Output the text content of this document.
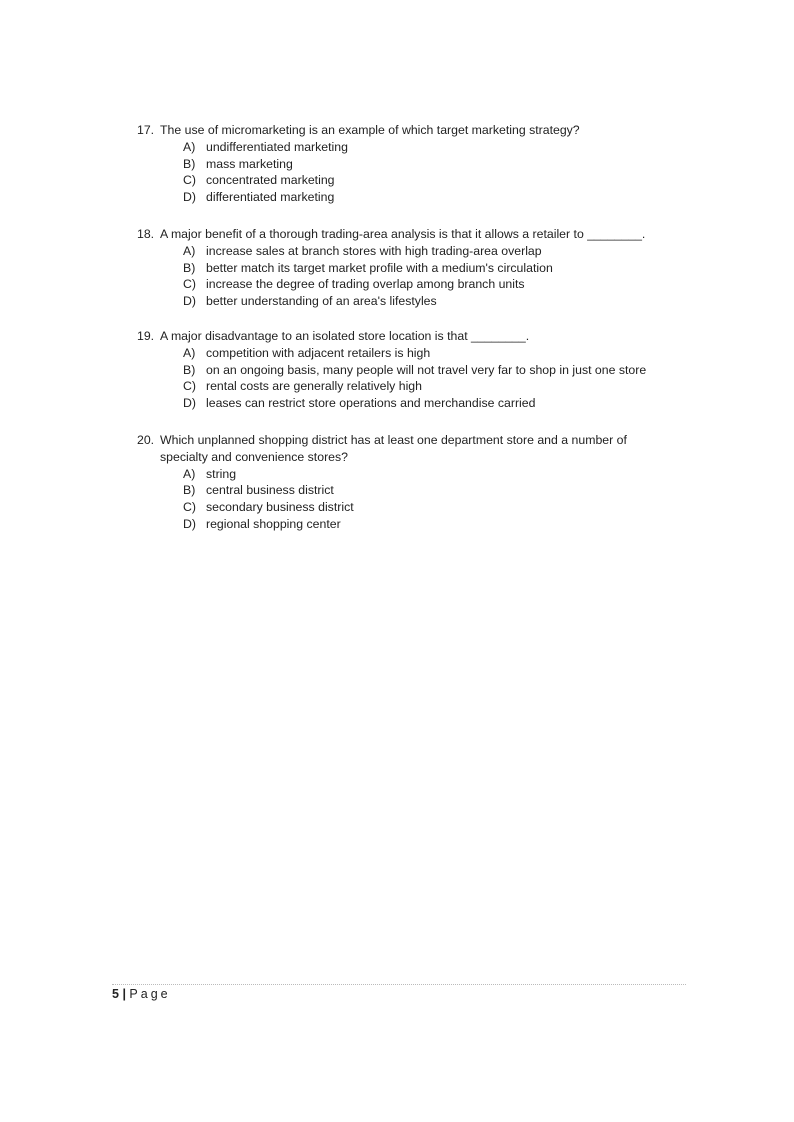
17. The use of micromarketing is an example of which target marketing strategy?
A) undifferentiated marketing
B) mass marketing
C) concentrated marketing
D) differentiated marketing
18. A major benefit of a thorough trading-area analysis is that it allows a retailer to ________.
A) increase sales at branch stores with high trading-area overlap
B) better match its target market profile with a medium's circulation
C) increase the degree of trading overlap among branch units
D) better understanding of an area's lifestyles
19. A major disadvantage to an isolated store location is that ________.
A) competition with adjacent retailers is high
B) on an ongoing basis, many people will not travel very far to shop in just one store
C) rental costs are generally relatively high
D) leases can restrict store operations and merchandise carried
20. Which unplanned shopping district has at least one department store and a number of
specialty and convenience stores?
A) string
B) central business district
C) secondary business district
D) regional shopping center
5 | Page
